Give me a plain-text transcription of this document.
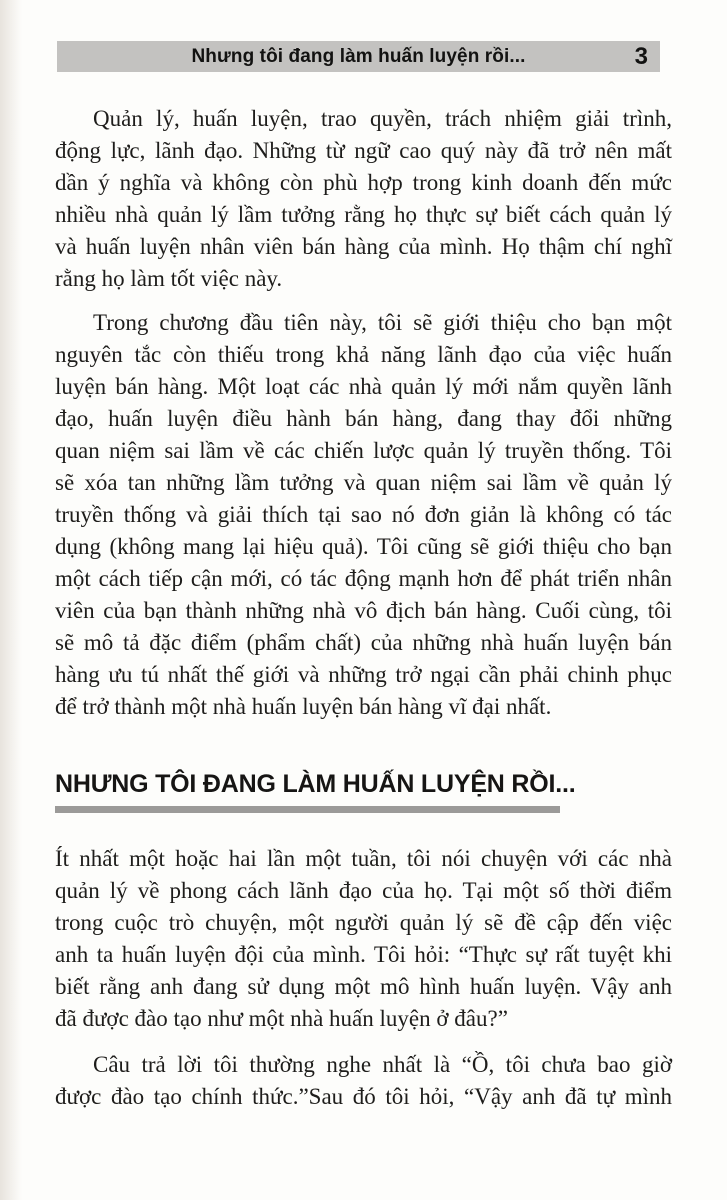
Nhưng tôi đang làm huấn luyện rồi...	3
Quản lý, huấn luyện, trao quyền, trách nhiệm giải trình,
động lực, lãnh đạo. Những từ ngữ cao quý này đã trở nên mất
dần ý nghĩa và không còn phù hợp trong kinh doanh đến mức
nhiều nhà quản lý lầm tưởng rằng họ thực sự biết cách quản lý
và huấn luyện nhân viên bán hàng của mình. Họ thậm chí nghĩ
rằng họ làm tốt việc này.
Trong chương đầu tiên này, tôi sẽ giới thiệu cho bạn một
nguyên tắc còn thiếu trong khả năng lãnh đạo của việc huấn
luyện bán hàng. Một loạt các nhà quản lý mới nắm quyền lãnh
đạo, huấn luyện điều hành bán hàng, đang thay đổi những
quan niệm sai lầm về các chiến lược quản lý truyền thống. Tôi
sẽ xóa tan những lầm tưởng và quan niệm sai lầm về quản lý
truyền thống và giải thích tại sao nó đơn giản là không có tác
dụng (không mang lại hiệu quả). Tôi cũng sẽ giới thiệu cho bạn
một cách tiếp cận mới, có tác động mạnh hơn để phát triển nhân
viên của bạn thành những nhà vô địch bán hàng. Cuối cùng, tôi
sẽ mô tả đặc điểm (phẩm chất) của những nhà huấn luyện bán
hàng ưu tú nhất thế giới và những trở ngại cần phải chinh phục
để trở thành một nhà huấn luyện bán hàng vĩ đại nhất.
NHƯNG TÔI ĐANG LÀM HUẤN LUYỆN RỒI...
Ít nhất một hoặc hai lần một tuần, tôi nói chuyện với các nhà
quản lý về phong cách lãnh đạo của họ. Tại một số thời điểm
trong cuộc trò chuyện, một người quản lý sẽ đề cập đến việc
anh ta huấn luyện đội của mình. Tôi hỏi: “Thực sự rất tuyệt khi
biết rằng anh đang sử dụng một mô hình huấn luyện. Vậy anh
đã được đào tạo như một nhà huấn luyện ở đâu?”
Câu trả lời tôi thường nghe nhất là “Ồ, tôi chưa bao giờ
được đào tạo chính thức.”Sau đó tôi hỏi, “Vậy anh đã tự mình
